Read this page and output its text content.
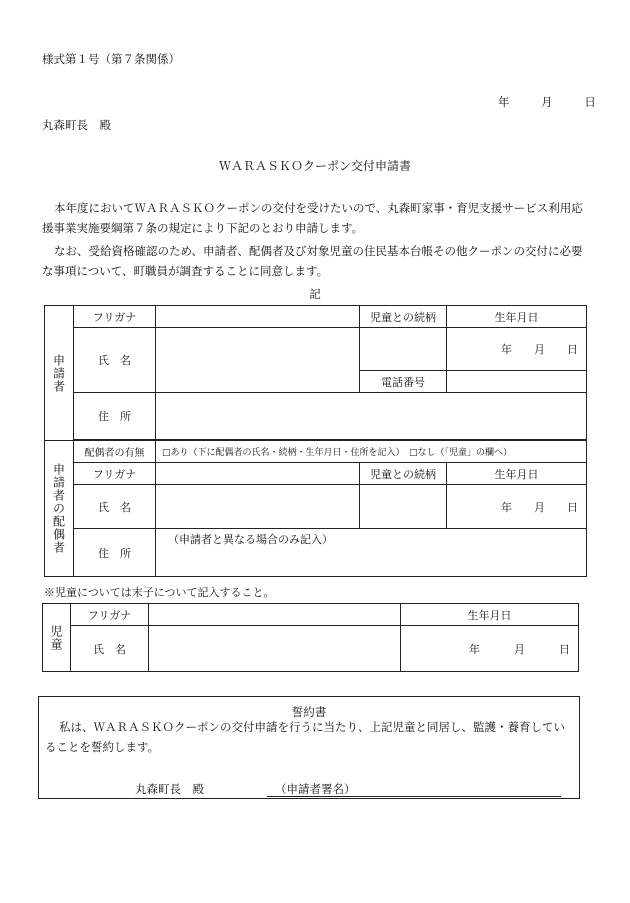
様式第１号（第７条関係）
年	月	日
丸森町長　殿
ＷＡＲＡＳＫＯクーポン交付申請書
本年度においてＷＡＲＡＳＫＯクーポンの交付を受けたいので、丸森町家事・育児支援サービス利用応援事業実施要綱第７条の規定により下記のとおり申請します。
なお、受給資格確認のため、申請者、配偶者及び対象児童の住民基本台帳その他クーポンの交付に必要な事項について、町職員が調査することに同意します。
記
申請者	フリガナ		児童との続柄	生年月日
	氏　名			年 月 日
			電話番号	
	住　所			

申請者の配偶者	配偶者の有無	□あり（下に配偶者の氏名・続柄・生年月日・住所を記入）　□なし（「児童」の欄へ）		
	フリガナ		児童との続柄	生年月日
	氏　名			年 月 日
	住　所	（申請者と異なる場合のみ記入）		
※児童については末子について記入すること。
児童	フリガナ		生年月日
	氏　名		年 月 日
誓約書
私は、ＷＡＲＡＳＫＯクーポンの交付申請を行うに当たり、上記児童と同居し、監護・養育していることを誓約します。
丸森町長　殿	（申請者署名）
